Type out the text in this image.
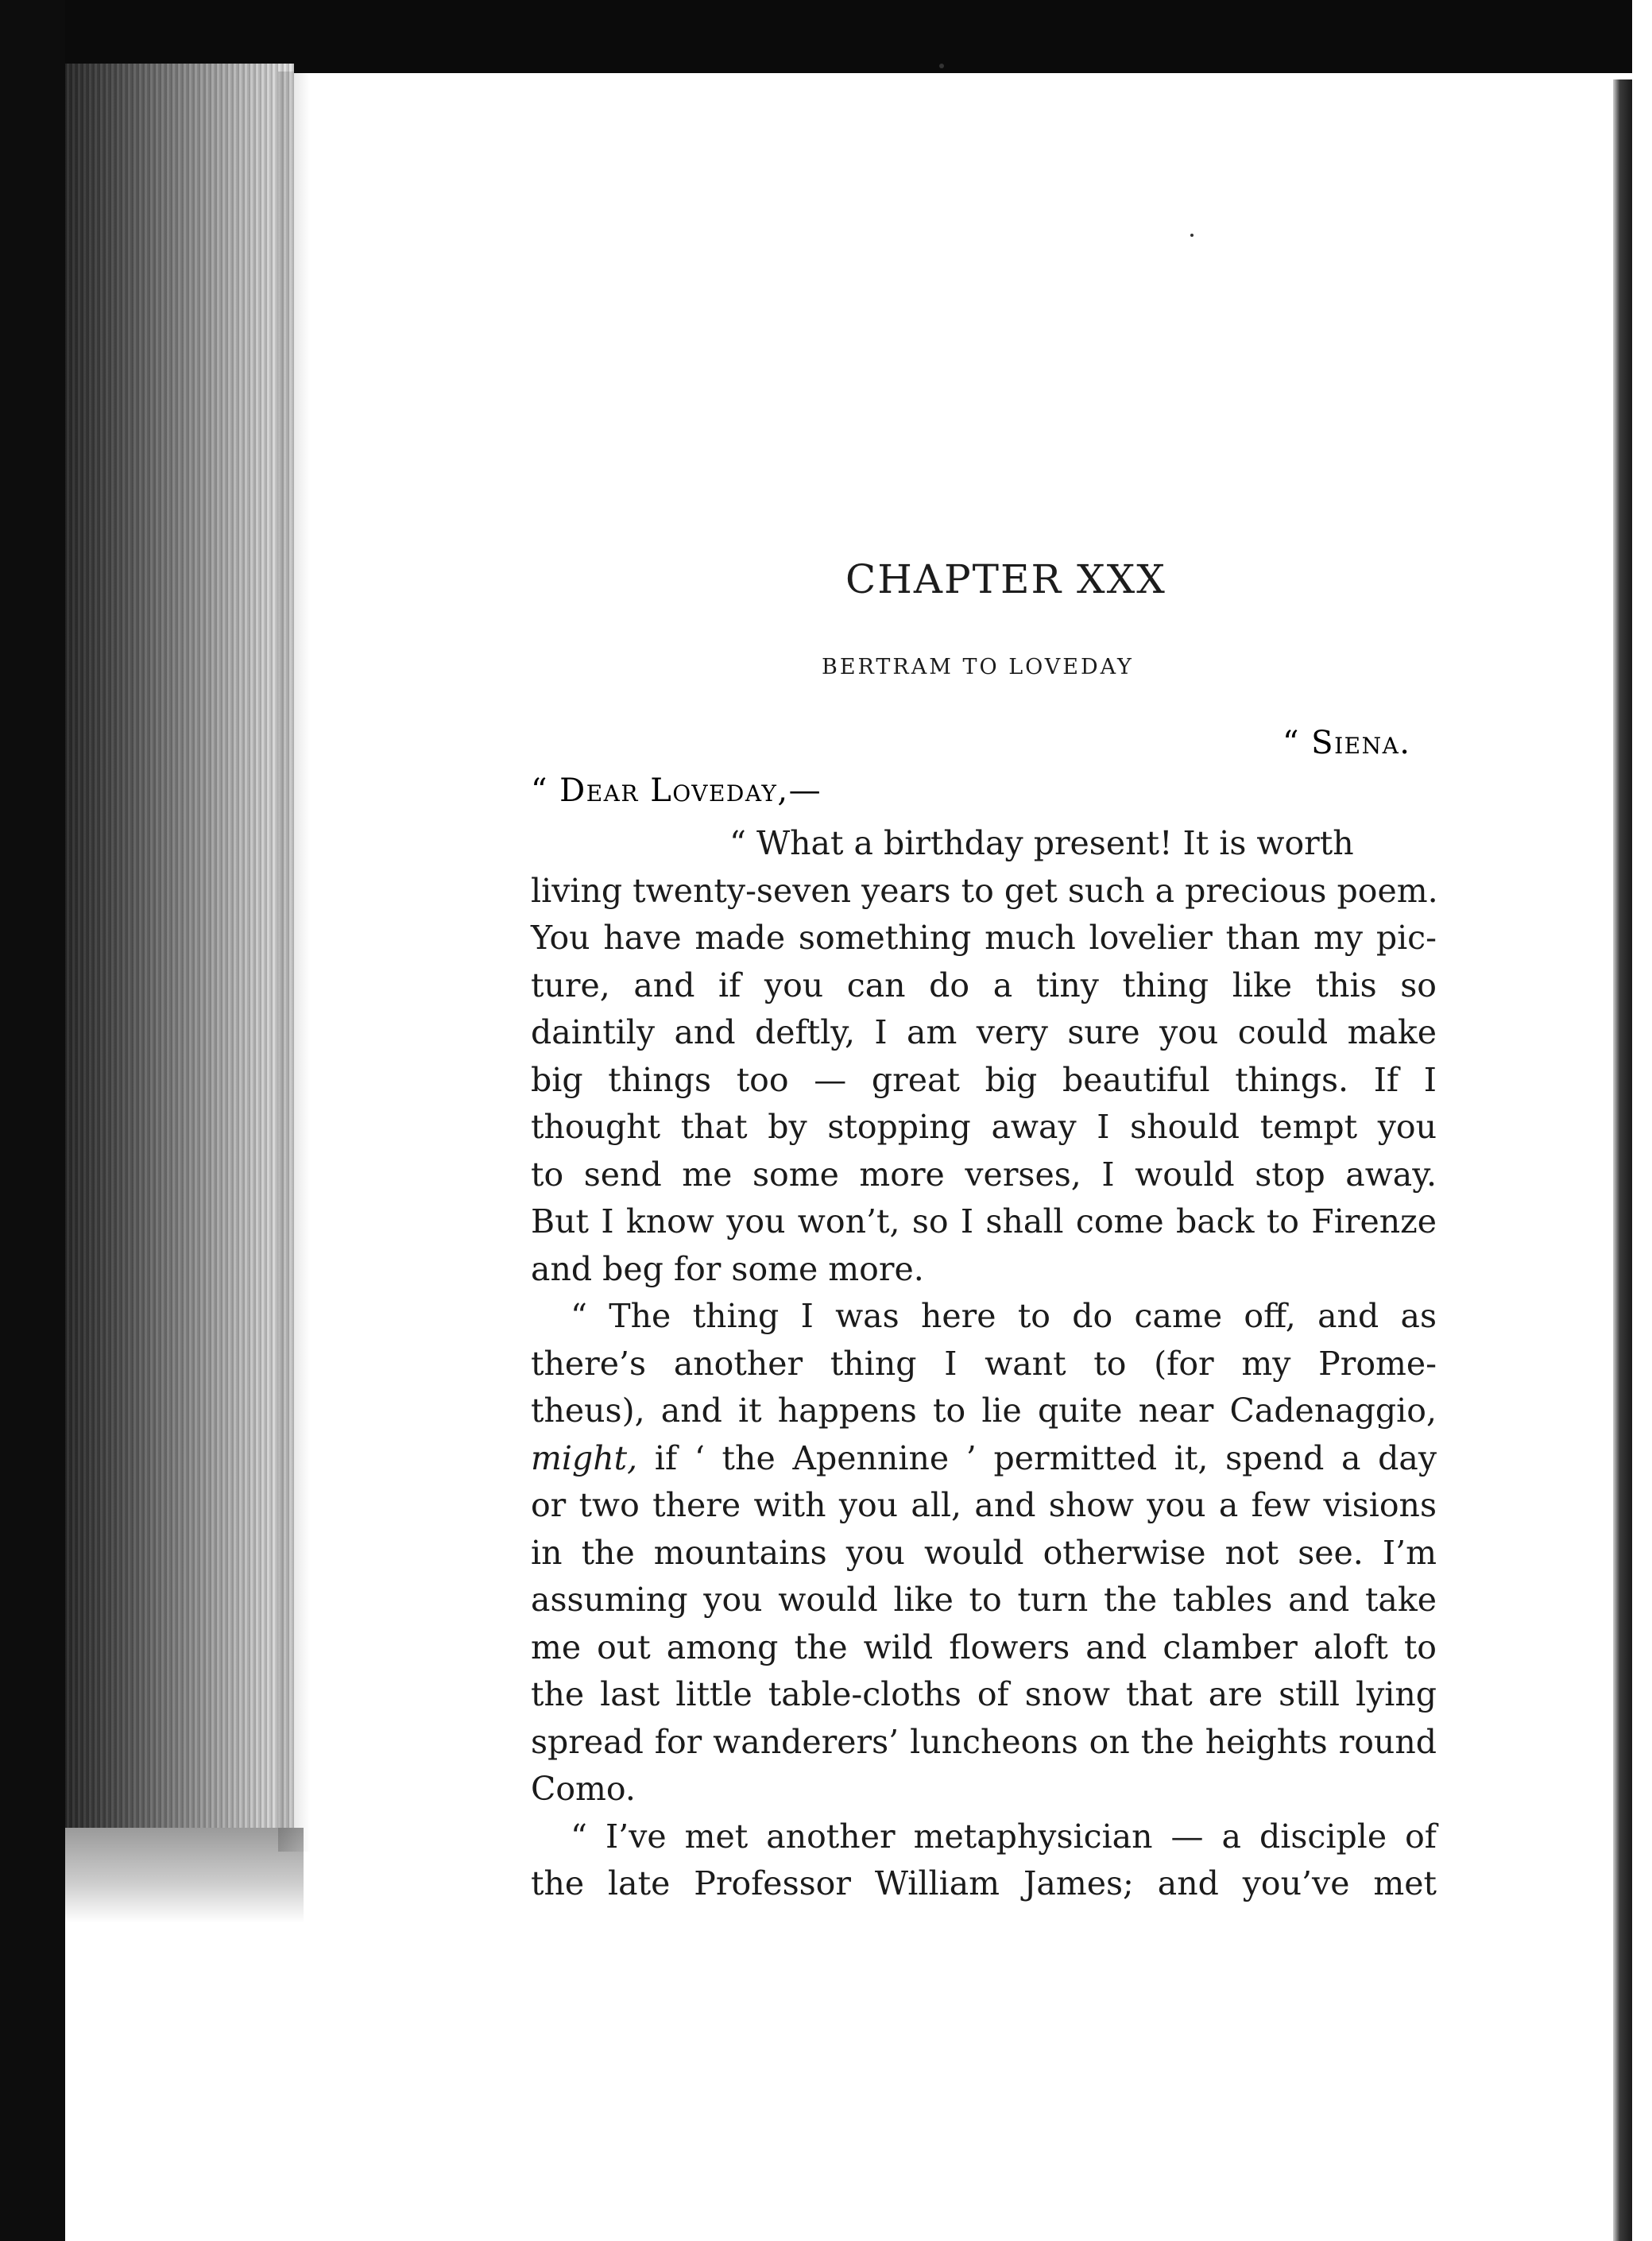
CHAPTER XXX
BERTRAM TO LOVEDAY
“ Siena.
“ Dear Loveday,—
“ What a birthday present! It is worth
living twenty-seven years to get such a precious poem.
You have made something much lovelier than my pic-
ture, and if you can do a tiny thing like this so
daintily and deftly, I am very sure you could make
big things too — great big beautiful things. If I
thought that by stopping away I should tempt you
to send me some more verses, I would stop away.
But I know you won’t, so I shall come back to Firenze
and beg for some more.
“ The thing I was here to do came off, and as
there’s another thing I want to (for my Prome-
theus), and it happens to lie quite near Cadenaggio,
might, if ‘ the Apennine ’ permitted it, spend a day
or two there with you all, and show you a few visions
in the mountains you would otherwise not see. I’m
assuming you would like to turn the tables and take
me out among the wild flowers and clamber aloft to
the last little table-cloths of snow that are still lying
spread for wanderers’ luncheons on the heights round
Como.
“ I’ve met another metaphysician — a disciple of
the late Professor William James; and you’ve met
